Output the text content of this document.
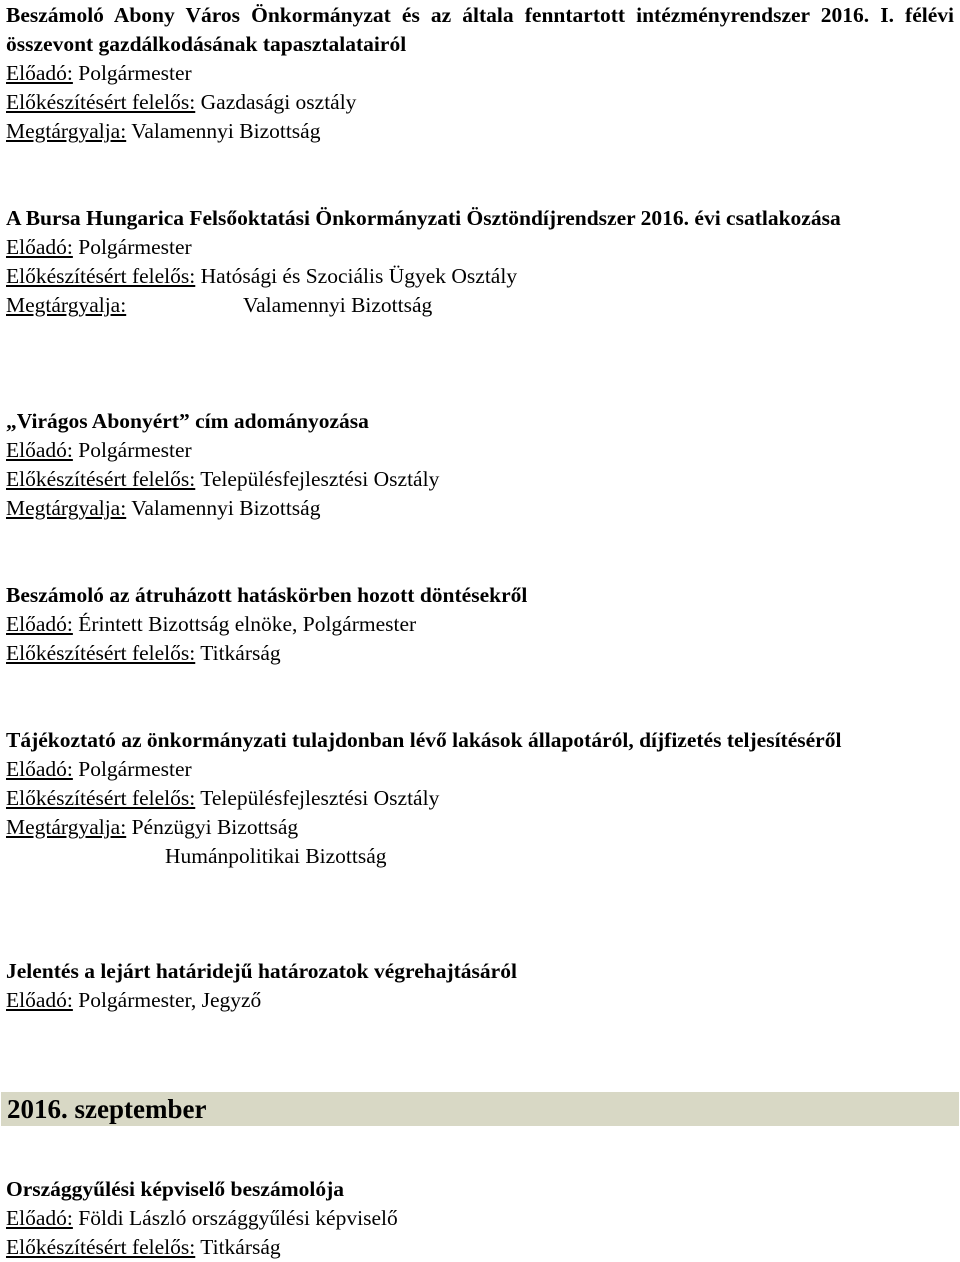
Beszámoló Abony Város Önkormányzat és az általa fenntartott intézményrendszer 2016. I. félévi összevont gazdálkodásának tapasztalatairól

Előadó: Polgármester

Előkészítésért felelős: Gazdasági osztály

Megtárgyalja: Valamennyi Bizottság

A Bursa Hungarica Felsőoktatási Önkormányzati Ösztöndíjrendszer 2016. évi csatlakozása

Előadó: Polgármester

Előkészítésért felelős: Hatósági és Szociális Ügyek Osztály

Megtárgyalja:	Valamennyi Bizottság

„Virágos Abonyért” cím adományozása

Előadó: Polgármester

Előkészítésért felelős: Településfejlesztési Osztály

Megtárgyalja: Valamennyi Bizottság

Beszámoló az átruházott hatáskörben hozott döntésekről

Előadó: Érintett Bizottság elnöke, Polgármester

Előkészítésért felelős: Titkárság

Tájékoztató az önkormányzati tulajdonban lévő lakások állapotáról, díjfizetés teljesítéséről

Előadó: Polgármester

Előkészítésért felelős: Településfejlesztési Osztály

Megtárgyalja: Pénzügyi Bizottság

Humánpolitikai Bizottság

Jelentés a lejárt határidejű határozatok végrehajtásáról

Előadó: Polgármester, Jegyző

2016. szeptember

Országgyűlési képviselő beszámolója

Előadó: Földi László országgyűlési képviselő

Előkészítésért felelős: Titkárság
